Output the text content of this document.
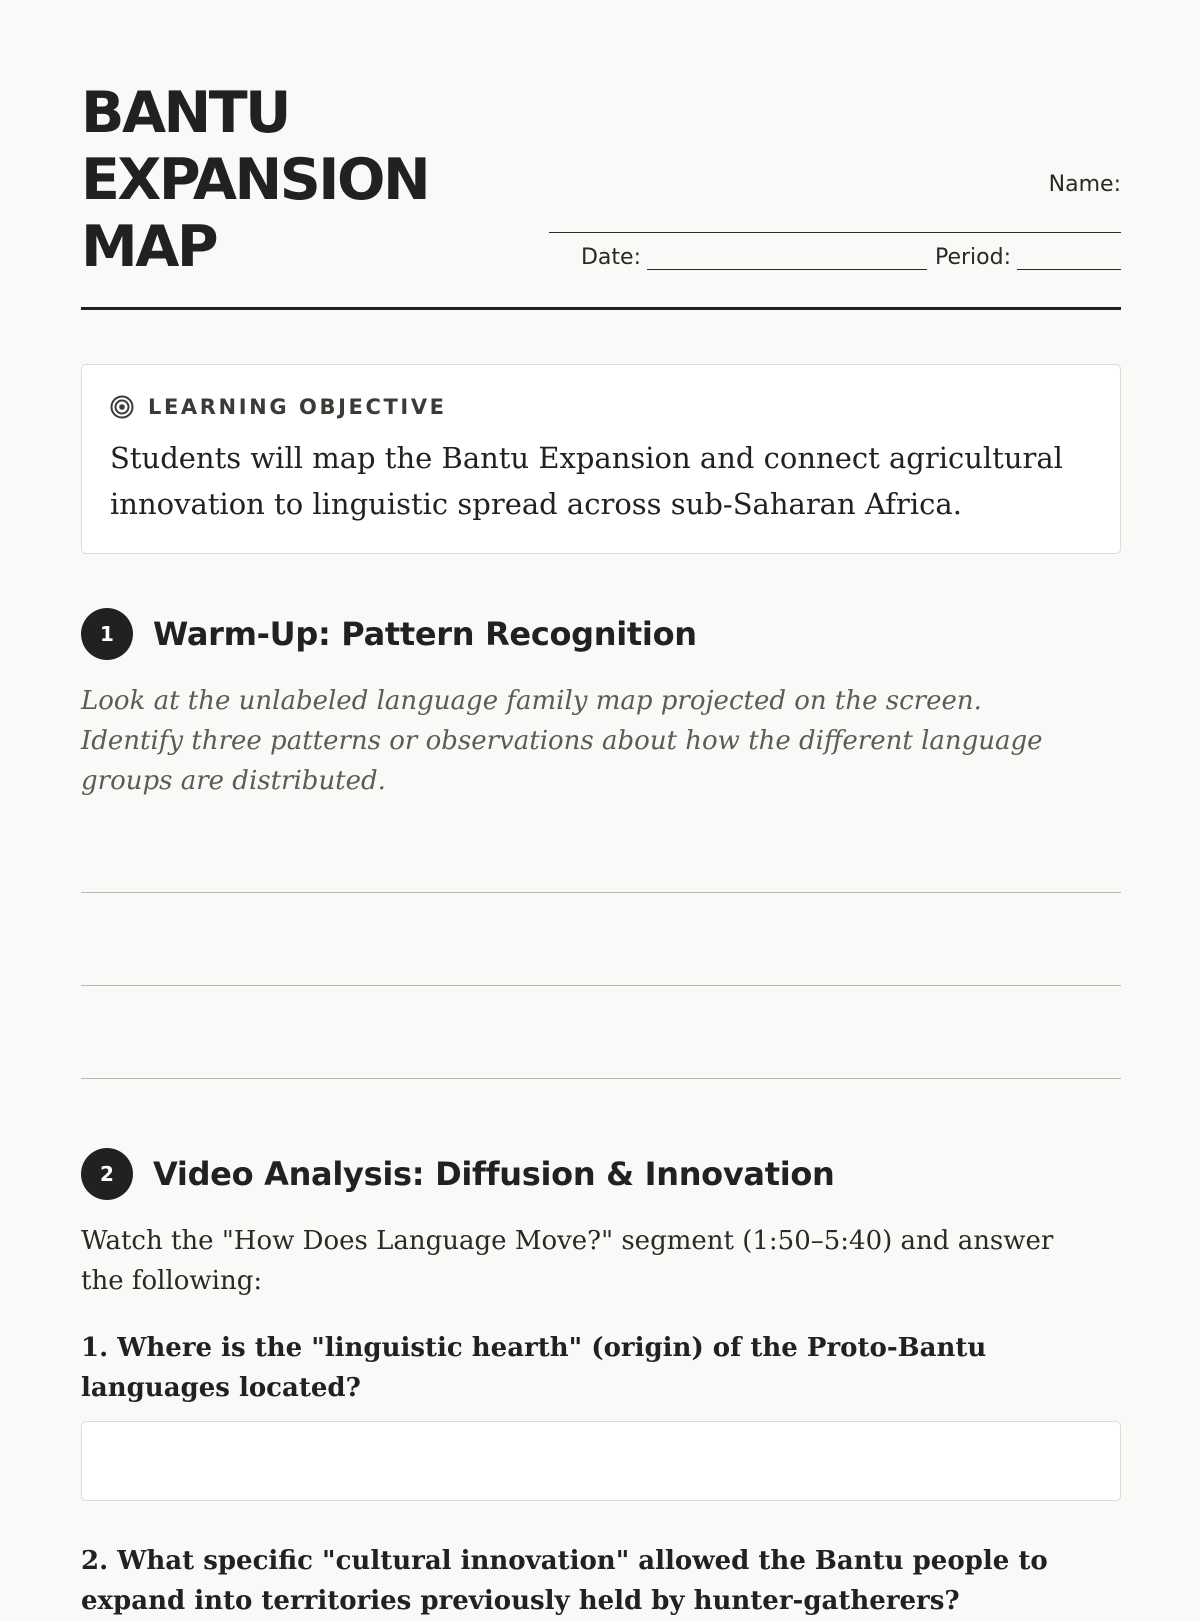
BANTU EXPANSION MAP
Name:
Date:	Period:
LEARNING OBJECTIVE

Students will map the Bantu Expansion and connect agricultural innovation to linguistic spread across sub-Saharan Africa.

1	Warm-Up: Pattern Recognition

Look at the unlabeled language family map projected on the screen. Identify three patterns or observations about how the different language groups are distributed.

2	Video Analysis: Diffusion & Innovation

Watch the "How Does Language Move?" segment (1:50–5:40) and answer the following:

1. Where is the "linguistic hearth" (origin) of the Proto-Bantu languages located?

2. What specific "cultural innovation" allowed the Bantu people to expand into territories previously held by hunter-gatherers?
